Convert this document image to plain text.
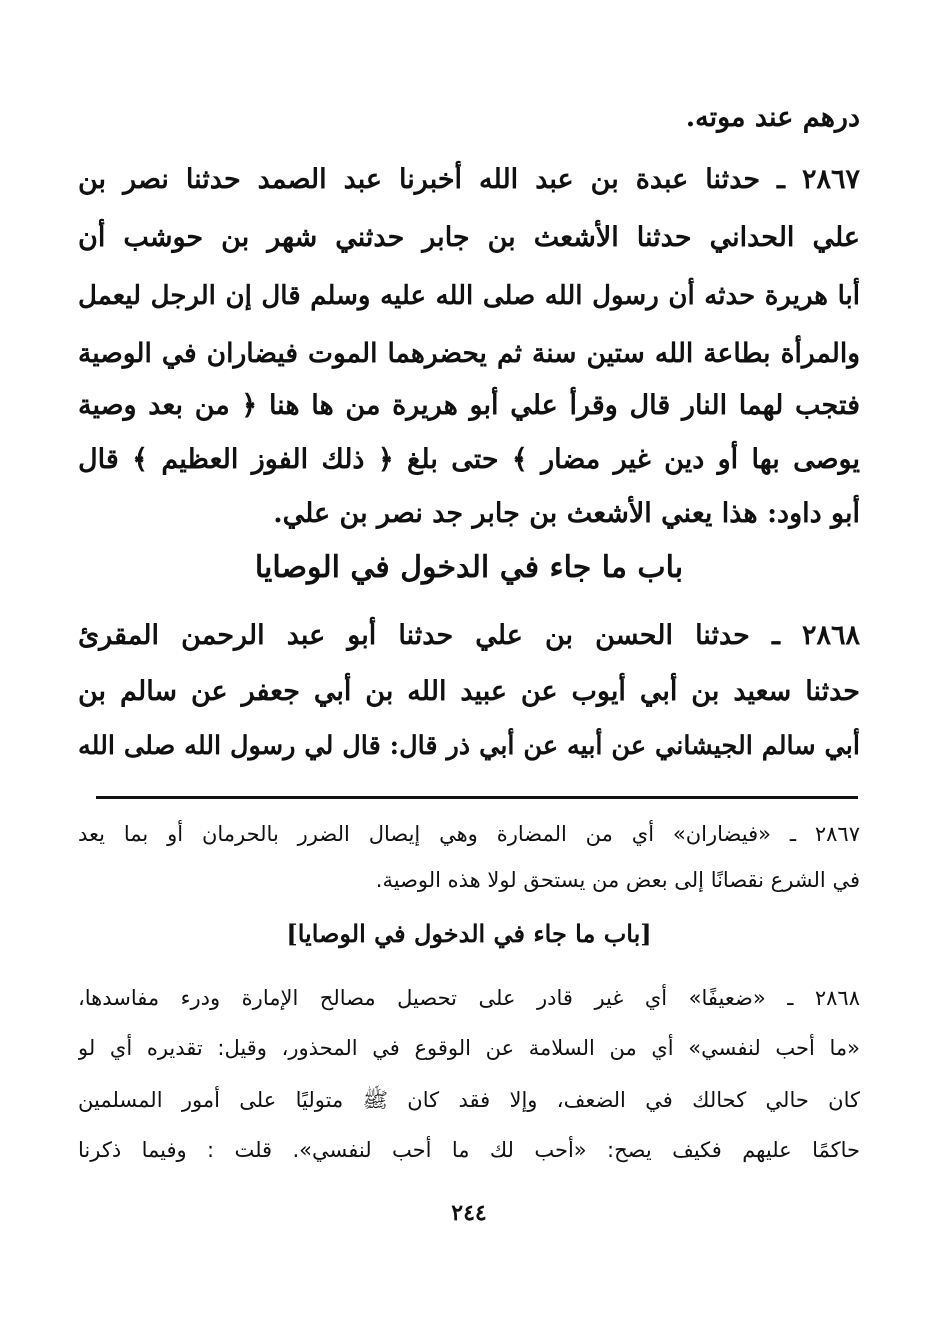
درهم عند موته.
٢٨٦٧ ـ حدثنا عبدة بن عبد الله أخبرنا عبد الصمد حدثنا نصر بن
علي الحداني حدثنا الأشعث بن جابر حدثني شهر بن حوشب أن
أبا هريرة حدثه أن رسول الله صلى الله عليه وسلم قال إن الرجل ليعمل
والمرأة بطاعة الله ستين سنة ثم يحضرهما الموت فيضاران في الوصية
فتجب لهما النار قال وقرأ علي أبو هريرة من ها هنا ﴿ من بعد وصية
يوصى بها أو دين غير مضار ﴾ حتى بلغ ﴿ ذلك الفوز العظيم ﴾ قال
أبو داود: هذا يعني الأشعث بن جابر جد نصر بن علي.
باب ما جاء في الدخول في الوصايا
٢٨٦٨ ـ حدثنا الحسن بن علي حدثنا أبو عبد الرحمن المقرئ
حدثنا سعيد بن أبي أيوب عن عبيد الله بن أبي جعفر عن سالم بن
أبي سالم الجيشاني عن أبيه عن أبي ذر قال: قال لي رسول الله صلى الله
٢٨٦٧ ـ «فيضاران» أي من المضارة وهي إيصال الضرر بالحرمان أو بما يعد
في الشرع نقصانًا إلى بعض من يستحق لولا هذه الوصية.
[باب ما جاء في الدخول في الوصايا]
٢٨٦٨ ـ «ضعيفًا» أي غير قادر على تحصيل مصالح الإمارة ودرء مفاسدها،
«ما أحب لنفسي» أي من السلامة عن الوقوع في المحذور، وقيل: تقديره أي لو
كان حالي كحالك في الضعف، وإلا فقد كان ﷺ متوليًا على أمور المسلمين
حاكمًا عليهم فكيف يصح: «أحب لك ما أحب لنفسي». قلت : وفيما ذكرنا
٢٤٤
